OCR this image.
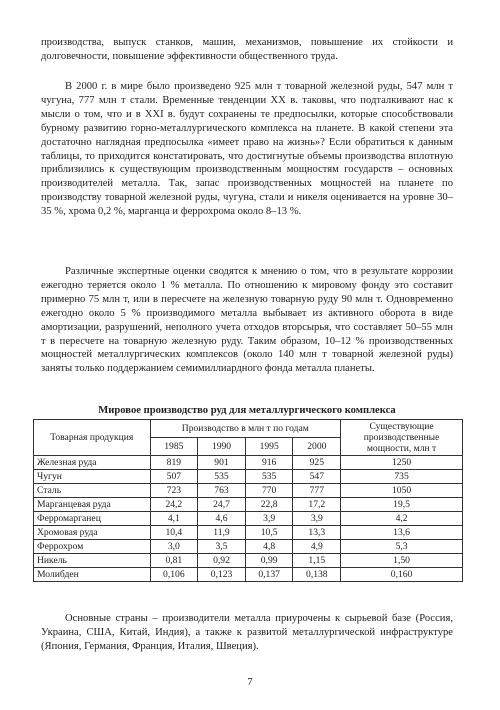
производства, выпуск станков, машин, механизмов, повышение их стойкости и долговечности, повышение эффективности общественного труда.

В 2000 г. в мире было произведено 925 млн т товарной железной руды, 547 млн т чугуна, 777 млн т стали. Временные тенденции XX в. таковы, что подталкивают нас к мысли о том, что и в XXI в. будут сохранены те предпосылки, которые способствовали бурному развитию горно-металлургического комплекса на планете. В какой степени эта достаточно наглядная предпосылка «имеет право на жизнь»? Если обратиться к данным таблицы, то приходится констатировать, что достигнутые объемы производства вплотную приблизились к существующим производственным мощностям государств – основных производителей металла. Так, запас производственных мощностей на планете по производству товарной железной руды, чугуна, стали и никеля оценивается на уровне 30–35 %, хрома 0,2 %, марганца и феррохрома около 8–13 %.

Различные экспертные оценки сводятся к мнению о том, что в результате коррозии ежегодно теряется около 1 % металла. По отношению к мировому фонду это составит примерно 75 млн т, или в пересчете на железную товарную руду 90 млн т. Одновременно ежегодно около 5 % производимого металла выбывает из активного оборота в виде амортизации, разрушений, неполного учета отходов вторсырья, что составляет 50–55 млн т в пересчете на товарную железную руду. Таким образом, 10–12 % производственных мощностей металлургических комплексов (около 140 млн т товарной железной руды) заняты только поддержанием семимиллиардного фонда металла планеты.

Мировое производство руд для металлургического комплекса

Товарная продукция	Производство в млн т по годам				Существующие производственные мощности, млн т
	1985	1990	1995	2000	
Железная руда	819	901	916	925	1250
Чугун	507	535	535	547	735
Сталь	723	763	770	777	1050
Марганцевая руда	24,2	24,7	22,8	17,2	19,5
Ферромарганец	4,1	4,6	3,9	3,9	4,2
Хромовая руда	10,4	11,9	10,5	13,3	13,6
Феррохром	3,0	3,5	4,8	4,9	5,3
Никель	0,81	0,92	0,99	1,15	1,50
Молибден	0,106	0,123	0,137	0,138	0,160

Основные страны – производители металла приурочены к сырьевой базе (Россия, Украина, США, Китай, Индия), а также к развитой металлургической инфраструктуре (Япония, Германия, Франция, Италия, Швеция).

7
